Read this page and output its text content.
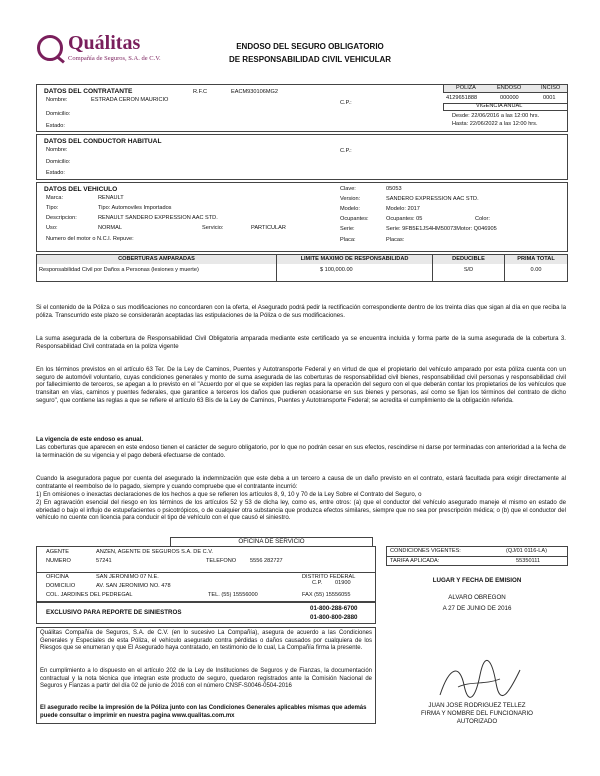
Quálitas
Compañía de Seguros, S.A. de C.V.
ENDOSO DEL SEGURO OBLIGATORIO
DE RESPONSABILIDAD CIVIL VEHICULAR
POLIZA	ENDOSO	INCISO
4129651888	000000	0001
VIGENCIA ANUAL
Desde: 22/06/2016 a las 12:00 hrs.
Hasta: 22/06/2022 a las 12:00 hrs.
DATOS DEL CONTRATANTE	R.F.C	EACM930106MG2
Nombre:	ESTRADA CERON MAURICIO	C.P.:
Domicilio:
Estado:
DATOS DEL CONDUCTOR HABITUAL
Nombre:	C.P.:
Domicilio:
Estado:
DATOS DEL VEHICULO
Marca:	RENAULT
Tipo:	Tipo: Automoviles Importados
Descripcion:	RENAULT SANDERO EXPRESSION AAC STD.
Uso:	NORMAL	Servicio:	PARTICULAR
Numero del motor o N.C.I. Repuve:
Clave:	05053
Version:	SANDERO EXPRESSION AAC STD.
Modelo:	Modelo: 2017
Ocupantes:	Ocupantes: 05	Color:
Serie:	Serie: 9FB5E1JS4HM50073Motor: Q046905
Placa:	Placas:
COBERTURAS AMPARADAS	LIMITE MAXIMO DE RESPONSABILIDAD	DEDUCIBLE	PRIMA TOTAL
Responsabilidad Civil por Daños a Personas (lesiones y muerte)	$ 100,000.00	S/D	0.00
Si el contenido de la Póliza o sus modificaciones no concordaren con la oferta, el Asegurado podrá pedir la rectificación correspondiente dentro de los treinta días que sigan al día en que reciba la póliza. Transcurrido este plazo se considerarán aceptadas las estipulaciones de la Póliza o de sus modificaciones.
La suma asegurada de la cobertura de Responsabilidad Civil Obligatoria amparada mediante este certificado ya se encuentra incluida y forma parte de la suma asegurada de la cobertura 3. Responsabilidad Civil contratada en la poliza vigente
En los términos previstos en el artículo 63 Ter. De la Ley de Caminos, Puentes y Autotransporte Federal y en virtud de que el propietario del vehículo amparado por esta póliza cuenta con un seguro de automóvil voluntario, cuyas condiciones generales y monto de suma asegurada de las coberturas de responsabilidad civil bienes, responsabilidad civil personas y responsabilidad civil por fallecimiento de terceros, se apegan a lo previsto en el "Acuerdo por el que se expiden las reglas para la operación del seguro con el que deberán contar los propietarios de los vehículos que transitan en vías, caminos y puentes federales, que garantice a terceros los daños que pudieren ocasionarse en sus bienes y personas, así como se fijan los términos del contrato de dicho seguro", que contiene las reglas a que se refiere el artículo 63 Bis de la Ley de Caminos, Puentes y Autotransporte Federal; se acredita el cumplimiento de la obligación referida.
La vigencia de este endoso es anual.
Las coberturas que aparecen en este endoso tienen el carácter de seguro obligatorio, por lo que no podrán cesar en sus efectos, rescindirse ni darse por terminadas con anterioridad a la fecha de la terminación de su vigencia y el pago deberá efectuarse de contado.
Cuando la aseguradora pague por cuenta del asegurado la indemnización que este deba a un tercero a causa de un daño previsto en el contrato, estará facultada para exigir directamente al contratante el reembolso de lo pagado, siempre y cuando compruebe que el contratante incurrió:
1) En omisiones o inexactas declaraciones de los hechos a que se refieren los artículos 8, 9, 10 y 70 de la Ley Sobre el Contrato del Seguro, o
2) En agravación esencial del riesgo en los términos de los artículos 52 y 53 de dicha ley, como es, entre otros: (a) que el conductor del vehículo asegurado maneje el mismo en estado de ebriedad o bajo el influjo de estupefacientes o psicotrópicos, o de cualquier otra substancia que produzca efectos similares, siempre que no sea por prescripción médica; o (b) que el conductor del vehículo no cuente con licencia para conducir el tipo de vehículo con el que causó el siniestro.
OFICINA DE SERVICIO
AGENTE	ANZEN, AGENTE DE SEGUROS S.A. DE C.V.
NUMERO	57241	TELEFONO 5556 282727
OFICINA	SAN JERONIMO 07 N.E.	DISTRITO FEDERAL
DOMICILIO	AV. SAN JERONIMO NO. 478	C.P. 01900
COL. JARDINES DEL PEDREGAL	TEL. (55) 15556000	FAX (55) 15556055
EXCLUSIVO PARA REPORTE DE SINIESTROS
01-800-288-6700
01-800-800-2880
CONDICIONES VIGENTES:	(QJ/01 0116-LA)
TARIFA APLICADA:	55350111
LUGAR Y FECHA DE EMISION
ALVARO OBREGON
A 27 DE JUNIO DE 2016
Quálitas Compañía de Seguros, S.A. de C.V. (en lo sucesivo La Compañía), asegura de acuerdo a las Condiciones Generales y Especiales de esta Póliza, el vehículo asegurado contra pérdidas o daños causados por cualquiera de los Riesgos que se enumeran y que El Asegurado haya contratado, en testimonio de lo cual, La Compañía firma la presente.
En cumplimiento a lo dispuesto en el artículo 202 de la Ley de Instituciones de Seguros y de Fianzas, la documentación contractual y la nota técnica que integran este producto de seguro, quedaron registrados ante la Comisión Nacional de Seguros y Fianzas a partir del día 02 de junio de 2016 con el número CNSF-S0046-0504-2016
El asegurado recibe la impresión de la Póliza junto con las Condiciones Generales aplicables mismas que además puede consultar o imprimir en nuestra pagina www.qualitas.com.mx
JUAN JOSE RODRIGUEZ TELLEZ
FIRMA Y NOMBRE DEL FUNCIONARIO
AUTORIZADO
